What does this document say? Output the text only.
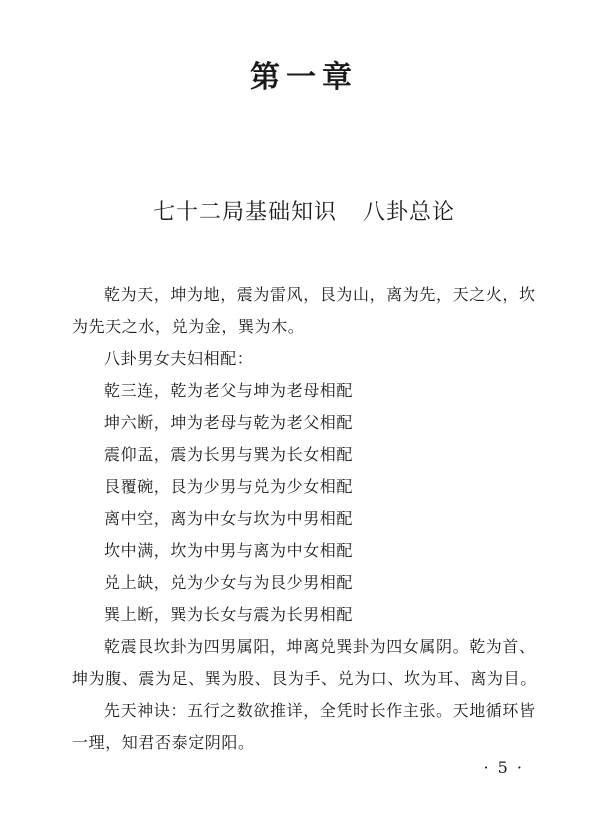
第一章
七十二局基础知识 八卦总论

乾为天，坤为地，震为雷风，艮为山，离为先，天之火，坎为先天之水，兑为金，巽为木。

八卦男女夫妇相配：

乾三连，乾为老父与坤为老母相配

坤六断，坤为老母与乾为老父相配

震仰盂，震为长男与巽为长女相配

艮覆碗，艮为少男与兑为少女相配

离中空，离为中女与坎为中男相配

坎中满，坎为中男与离为中女相配

兑上缺，兑为少女与为艮少男相配

巽上断，巽为长女与震为长男相配

乾震艮坎卦为四男属阳，坤离兑巽卦为四女属阴。乾为首、坤为腹、震为足、巽为股、艮为手、兑为口、坎为耳、离为目。

先天神诀：五行之数欲推详，全凭时长作主张。天地循环皆一理，知君否泰定阴阳。

· 5 ·
